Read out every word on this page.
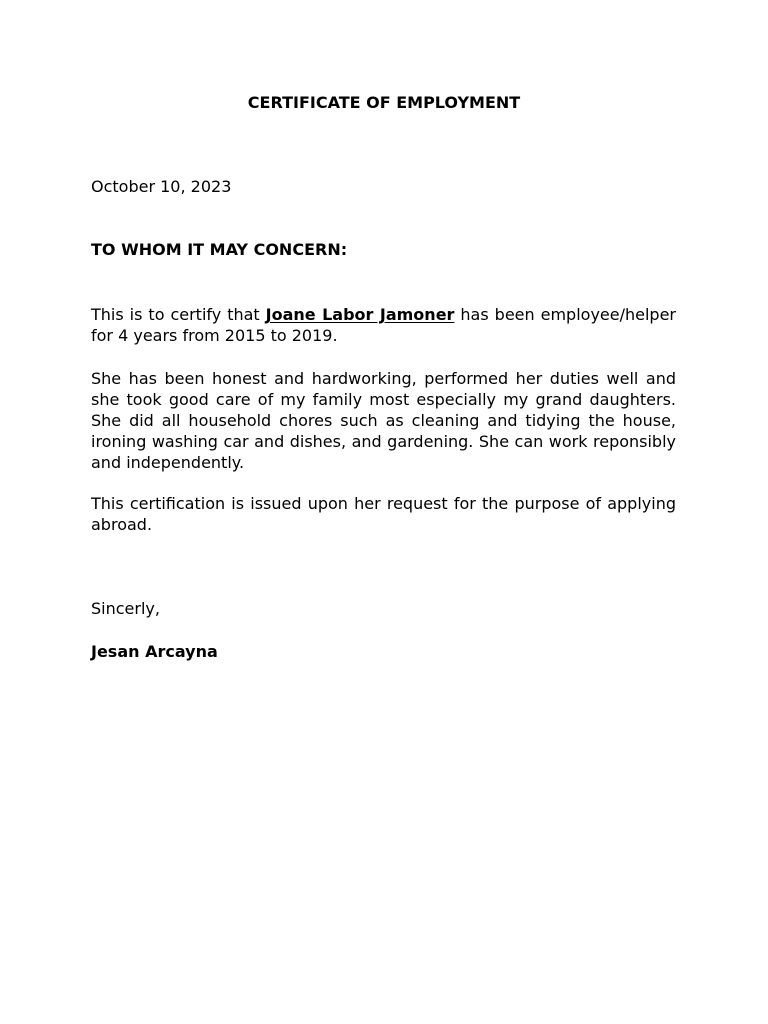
CERTIFICATE OF EMPLOYMENT

October 10, 2023

TO WHOM IT MAY CONCERN:

This is to certify that Joane Labor Jamoner has been employee/helper for 4 years from 2015 to 2019.

She has been honest and hardworking, performed her duties well and she took good care of my family most especially my grand daughters. She did all household chores such as cleaning and tidying the house, ironing washing car and dishes, and gardening. She can work reponsibly and independently.

This certification is issued upon her request for the purpose of applying abroad.

Sincerly,

Jesan Arcayna
